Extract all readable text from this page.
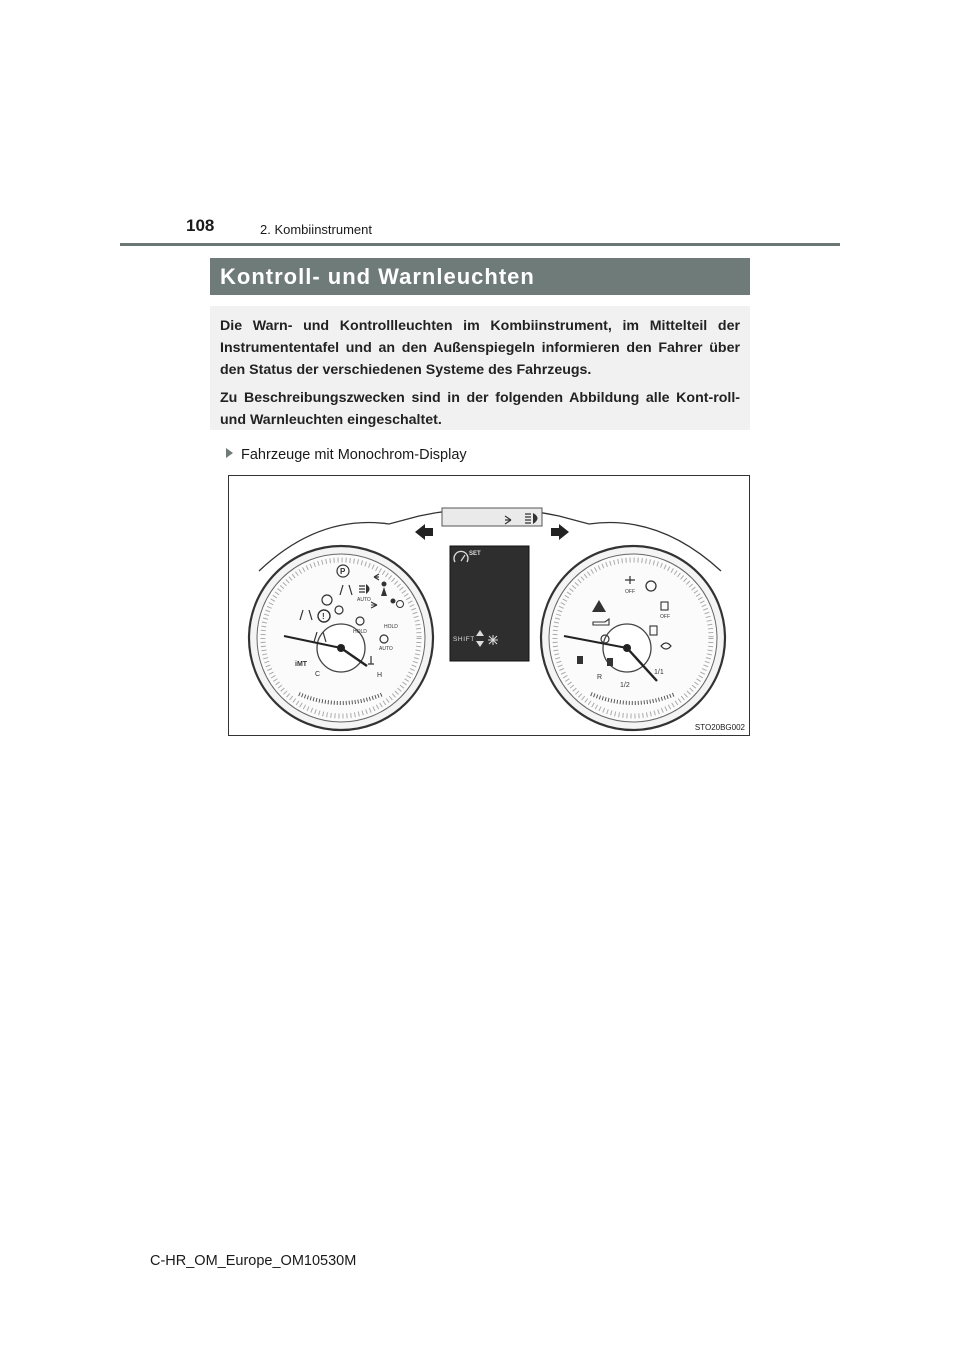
108	2. Kombiinstrument
Kontroll- und Warnleuchten

Die Warn- und Kontrollleuchten im Kombiinstrument, im Mittelteil der Instrumententafel und an den Außenspiegeln informieren den Fahrer über den Status der verschiedenen Systeme des Fahrzeugs.

Zu Beschreibungszwecken sind in der folgenden Abbildung alle Kont-roll- und Warnleuchten eingeschaltet.

Fahrzeuge mit Monochrom-Display
P
AUTO
!
HOLD
HOLD
AUTO
iMT
C	H
SET
SHIFT
OFF
OFF
R
1/2
1/1
STO20BG002
C-HR_OM_Europe_OM10530M
